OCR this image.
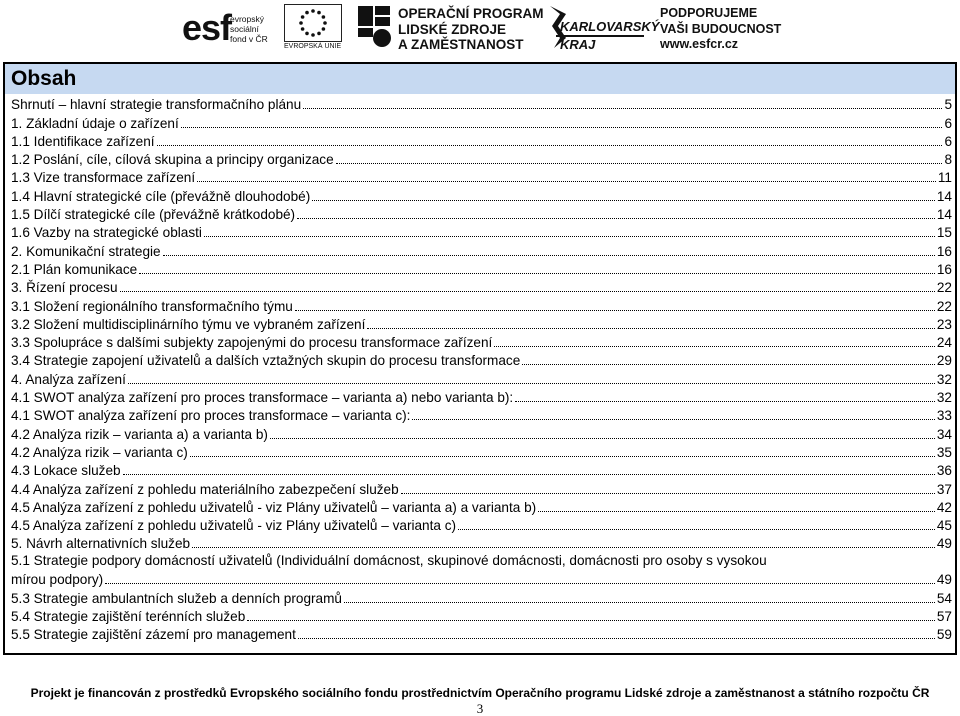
esf
evropský
sociální
fond v ČR
EVROPSKÁ UNIE
OPERAČNÍ PROGRAM
LIDSKÉ ZDROJE
A ZAMĚSTNANOST
KARLOVARSKÝ
KRAJ
PODPORUJEME
VAŠI BUDOUCNOST
www.esfcr.cz
Obsah
Shrnutí – hlavní strategie transformačního plánu	5
1. Základní údaje o zařízení	6
1.1 Identifikace zařízení	6
1.2 Poslání, cíle, cílová skupina a principy organizace	8
1.3 Vize transformace zařízení	11
1.4 Hlavní strategické cíle (převážně dlouhodobé)	14
1.5 Dílčí strategické cíle (převážně krátkodobé)	14
1.6 Vazby na strategické oblasti	15
2. Komunikační strategie	16
2.1 Plán komunikace	16
3. Řízení procesu	22
3.1 Složení regionálního transformačního týmu	22
3.2 Složení multidisciplinárního týmu ve vybraném zařízení	23
3.3 Spolupráce s dalšími subjekty zapojenými do procesu transformace zařízení	24
3.4 Strategie zapojení uživatelů a dalších vztažných skupin do procesu transformace	29
4. Analýza zařízení	32
4.1 SWOT analýza zařízení pro proces transformace – varianta a) nebo varianta b):	32
4.1 SWOT analýza zařízení pro proces transformace – varianta c):	33
4.2 Analýza rizik – varianta a) a varianta b)	34
4.2 Analýza rizik – varianta c)	35
4.3 Lokace služeb	36
4.4 Analýza zařízení z pohledu materiálního zabezpečení služeb	37
4.5 Analýza zařízení z pohledu uživatelů - viz Plány uživatelů – varianta a) a varianta b)	42
4.5 Analýza zařízení z pohledu uživatelů - viz Plány uživatelů – varianta c)	45
5. Návrh alternativních služeb	49
5.1 Strategie podpory domácností uživatelů (Individuální domácnost, skupinové domácnosti, domácnosti pro osoby s vysokou
mírou podpory)	49
5.3 Strategie ambulantních služeb a denních programů	54
5.4 Strategie zajištění terénních služeb	57
5.5 Strategie zajištění zázemí pro management	59
Projekt je financován z prostředků Evropského sociálního fondu prostřednictvím Operačního programu Lidské zdroje a zaměstnanost a státního rozpočtu ČR
3
